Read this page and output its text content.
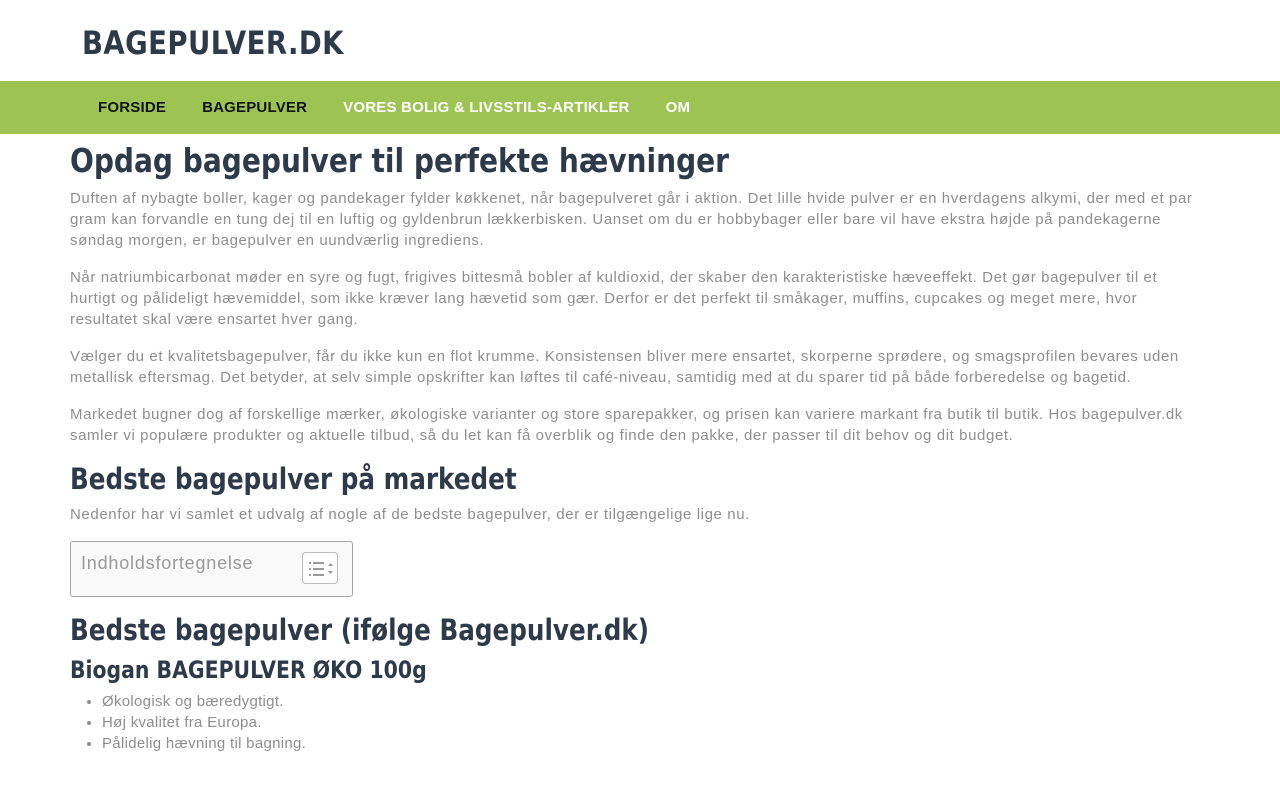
BAGEPULVER.DK
FORSIDE	BAGEPULVER	VORES BOLIG & LIVSSTILS-ARTIKLER	OM
Opdag bagepulver til perfekte hævninger

Duften af nybagte boller, kager og pandekager fylder køkkenet, når bagepulveret går i aktion. Det lille hvide pulver er en hverdagens alkymi, der med et par gram kan forvandle en tung dej til en luftig og gyldenbrun lækkerbisken. Uanset om du er hobbybager eller bare vil have ekstra højde på pandekagerne søndag morgen, er bagepulver en uundværlig ingrediens.

Når natriumbicarbonat møder en syre og fugt, frigives bittesmå bobler af kuldioxid, der skaber den karakteristiske hæveeffekt. Det gør bagepulver til et hurtigt og pålideligt hævemiddel, som ikke kræver lang hævetid som gær. Derfor er det perfekt til småkager, muffins, cupcakes og meget mere, hvor resultatet skal være ensartet hver gang.

Vælger du et kvalitetsbagepulver, får du ikke kun en flot krumme. Konsistensen bliver mere ensartet, skorperne sprødere, og smagsprofilen bevares uden metallisk eftersmag. Det betyder, at selv simple opskrifter kan løftes til café-niveau, samtidig med at du sparer tid på både forberedelse og bagetid.

Markedet bugner dog af forskellige mærker, økologiske varianter og store sparepakker, og prisen kan variere markant fra butik til butik. Hos bagepulver.dk samler vi populære produkter og aktuelle tilbud, så du let kan få overblik og finde den pakke, der passer til dit behov og dit budget.

Bedste bagepulver på markedet

Nedenfor har vi samlet et udvalg af nogle af de bedste bagepulver, der er tilgængelige lige nu.

Indholdsfortegnelse
Bedste bagepulver (ifølge Bagepulver.dk)
Biogan BAGEPULVER ØKO 100g
• Økologisk og bæredygtigt.
• Høj kvalitet fra Europa.
• Pålidelig hævning til bagning.
